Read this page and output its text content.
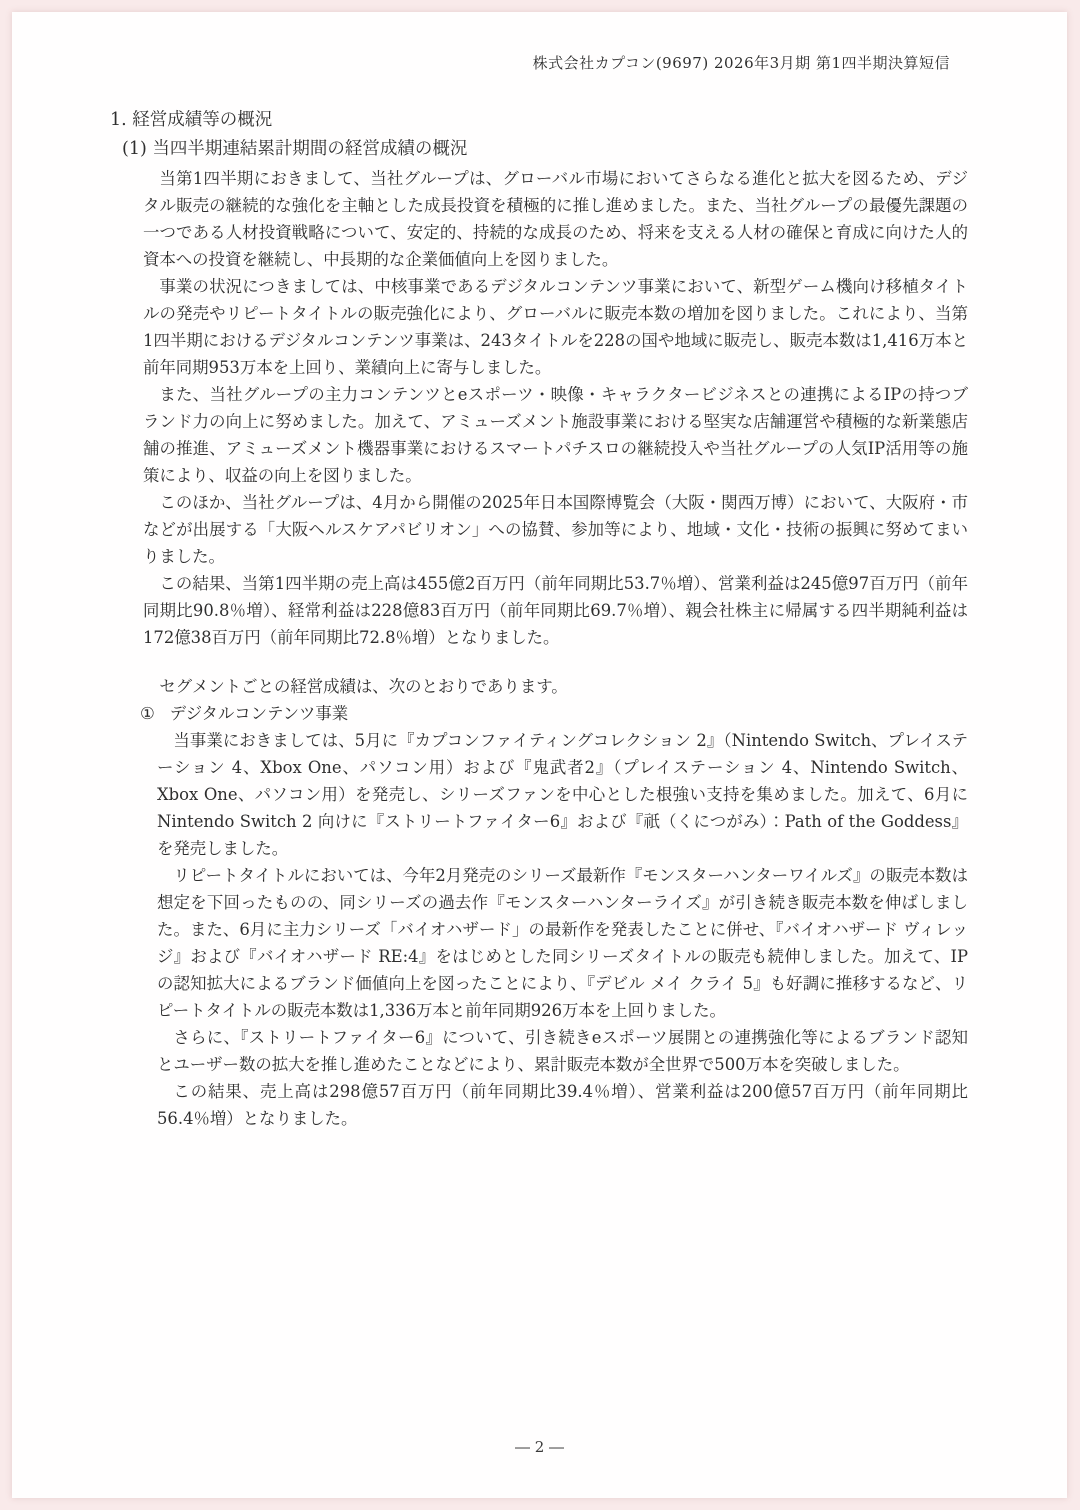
株式会社カプコン(9697) 2026年3月期 第1四半期決算短信
1. 経営成績等の概況
(1) 当四半期連結累計期間の経営成績の概況

当第1四半期におきまして、当社グループは、グローバル市場においてさらなる進化と拡大を図るため、デジタル販売の継続的な強化を主軸とした成長投資を積極的に推し進めました。また、当社グループの最優先課題の一つである人材投資戦略について、安定的、持続的な成長のため、将来を支える人材の確保と育成に向けた人的資本への投資を継続し、中長期的な企業価値向上を図りました。

事業の状況につきましては、中核事業であるデジタルコンテンツ事業において、新型ゲーム機向け移植タイトルの発売やリピートタイトルの販売強化により、グローバルに販売本数の増加を図りました。これにより、当第1四半期におけるデジタルコンテンツ事業は、243タイトルを228の国や地域に販売し、販売本数は1,416万本と前年同期953万本を上回り、業績向上に寄与しました。

また、当社グループの主力コンテンツとeスポーツ・映像・キャラクタービジネスとの連携によるIPの持つブランド力の向上に努めました。加えて、アミューズメント施設事業における堅実な店舗運営や積極的な新業態店舗の推進、アミューズメント機器事業におけるスマートパチスロの継続投入や当社グループの人気IP活用等の施策により、収益の向上を図りました。

このほか、当社グループは、4月から開催の2025年日本国際博覧会（大阪・関西万博）において、大阪府・市などが出展する「大阪ヘルスケアパビリオン」への協賛、参加等により、地域・文化・技術の振興に努めてまいりました。

この結果、当第1四半期の売上高は455億2百万円（前年同期比53.7％増）、営業利益は245億97百万円（前年同期比90.8％増）、経常利益は228億83百万円（前年同期比69.7％増）、親会社株主に帰属する四半期純利益は172億38百万円（前年同期比72.8％増）となりました。

セグメントごとの経営成績は、次のとおりであります。

① デジタルコンテンツ事業

当事業におきましては、5月に『カプコンファイティングコレクション 2』（Nintendo Switch、プレイステーション 4、Xbox One、パソコン用）および『鬼武者2』（プレイステーション 4、Nintendo Switch、Xbox One、パソコン用）を発売し、シリーズファンを中心とした根強い支持を集めました。加えて、6月にNintendo Switch 2 向けに『ストリートファイター6』および『祇（くにつがみ）：Path of the Goddess』を発売しました。

リピートタイトルにおいては、今年2月発売のシリーズ最新作『モンスターハンターワイルズ』の販売本数は想定を下回ったものの、同シリーズの過去作『モンスターハンターライズ』が引き続き販売本数を伸ばしました。また、6月に主力シリーズ「バイオハザード」の最新作を発表したことに併せ、『バイオハザード ヴィレッジ』および『バイオハザード RE:4』をはじめとした同シリーズタイトルの販売も続伸しました。加えて、IPの認知拡大によるブランド価値向上を図ったことにより、『デビル メイ クライ 5』も好調に推移するなど、リピートタイトルの販売本数は1,336万本と前年同期926万本を上回りました。

さらに、『ストリートファイター6』について、引き続きeスポーツ展開との連携強化等によるブランド認知とユーザー数の拡大を推し進めたことなどにより、累計販売本数が全世界で500万本を突破しました。

この結果、売上高は298億57百万円（前年同期比39.4％増）、営業利益は200億57百万円（前年同期比56.4％増）となりました。

― 2 ―
